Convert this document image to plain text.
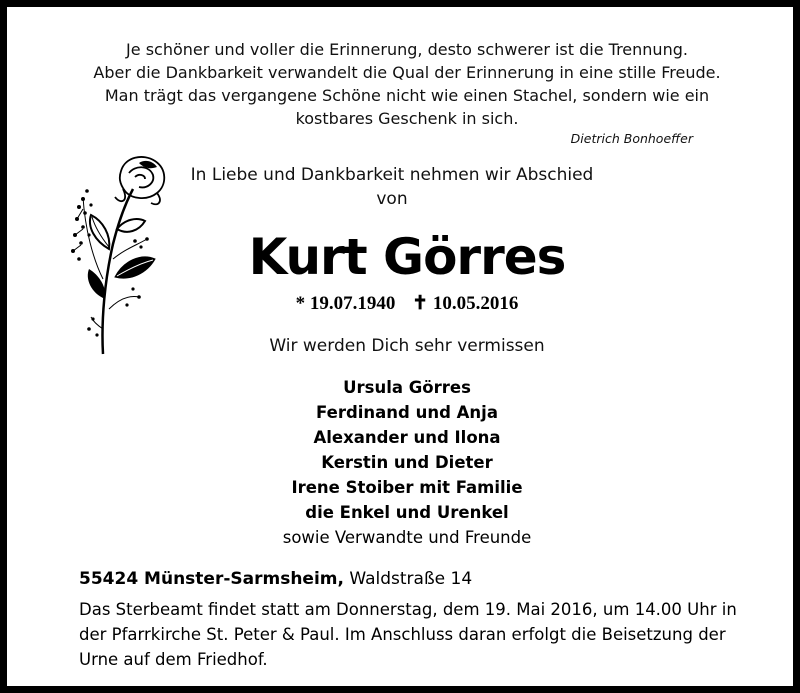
Je schöner und voller die Erinnerung, desto schwerer ist die Trennung.
Aber die Dankbarkeit verwandelt die Qual der Erinnerung in eine stille Freude.
Man trägt das vergangene Schöne nicht wie einen Stachel, sondern wie ein
kostbares Geschenk in sich.
Dietrich Bonhoeffer
In Liebe und Dankbarkeit nehmen wir Abschied
von
Kurt Görres
* 19.07.1940 ✝ 10.05.2016
Wir werden Dich sehr vermissen
Ursula Görres
Ferdinand und Anja
Alexander und Ilona
Kerstin und Dieter
Irene Stoiber mit Familie
die Enkel und Urenkel
sowie Verwandte und Freunde
55424 Münster-Sarmsheim, Waldstraße 14
Das Sterbeamt findet statt am Donnerstag, dem 19. Mai 2016, um 14.00 Uhr in
der Pfarrkirche St. Peter & Paul. Im Anschluss daran erfolgt die Beisetzung der
Urne auf dem Friedhof.
